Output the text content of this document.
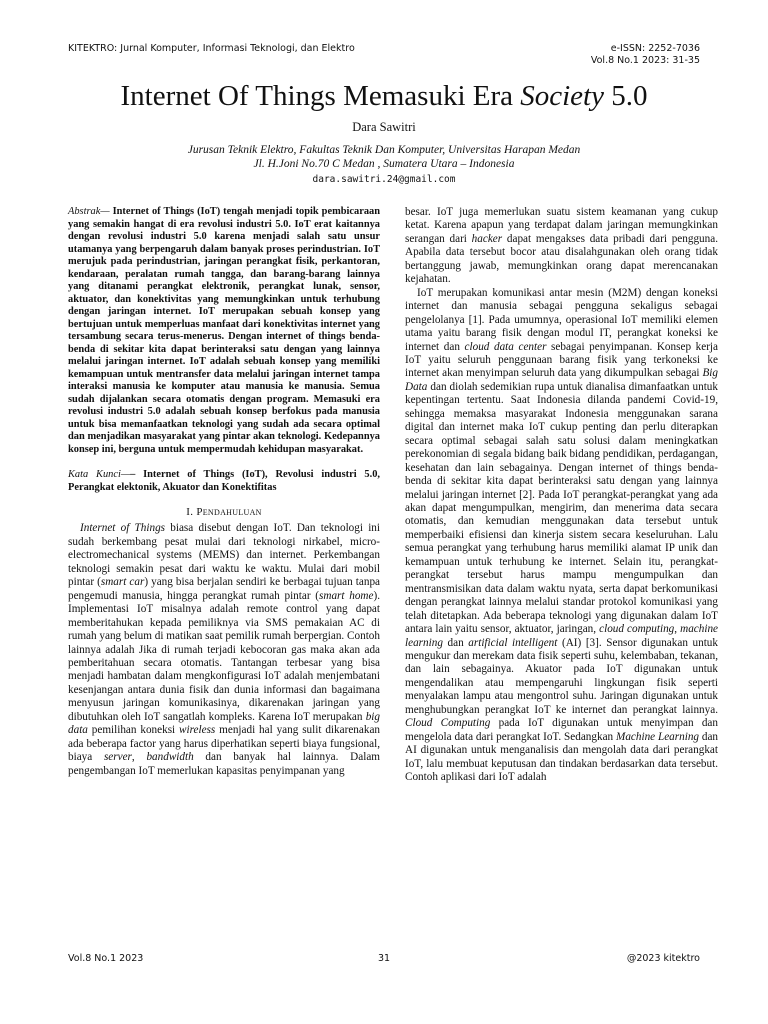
KITEKTRO: Jurnal Komputer, Informasi Teknologi, dan Elektro	e-ISSN: 2252-7036
Vol.8 No.1 2023: 31-35
Internet Of Things Memasuki Era Society 5.0
Dara Sawitri
Jurusan Teknik Elektro, Fakultas Teknik Dan Komputer, Universitas Harapan Medan
Jl. H.Joni No.70 C Medan , Sumatera Utara – Indonesia
dara.sawitri.24@gmail.com

Abstrak— Internet of Things (IoT) tengah menjadi topik pembicaraan yang semakin hangat di era revolusi industri 5.0. IoT erat kaitannya dengan revolusi industri 5.0 karena menjadi salah satu unsur utamanya yang berpengaruh dalam banyak proses perindustrian. IoT merujuk pada perindustrian, jaringan perangkat fisik, perkantoran, kendaraan, peralatan rumah tangga, dan barang-barang lainnya yang ditanami perangkat elektronik, perangkat lunak, sensor, aktuator, dan konektivitas yang memungkinkan untuk terhubung dengan jaringan internet. IoT merupakan sebuah konsep yang bertujuan untuk memperluas manfaat dari konektivitas internet yang tersambung secara terus-menerus. Dengan internet of things benda-benda di sekitar kita dapat berinteraksi satu dengan yang lainnya melalui jaringan internet. IoT adalah sebuah konsep yang memiliki kemampuan untuk mentransfer data melalui jaringan internet tampa interaksi manusia ke komputer atau manusia ke manusia. Semua sudah dijalankan secara otomatis dengan program. Memasuki era revolusi industri 5.0 adalah sebuah konsep berfokus pada manusia untuk bisa memanfaatkan teknologi yang sudah ada secara optimal dan menjadikan masyarakat yang pintar akan teknologi. Kedepannya konsep ini, berguna untuk mempermudah kehidupan masyarakat.

Kata Kunci—– Internet of Things (IoT), Revolusi industri 5.0, Perangkat elektonik, Akuator dan Konektifitas

I. Pendahuluan

Internet of Things biasa disebut dengan IoT. Dan teknologi ini sudah berkembang pesat mulai dari teknologi nirkabel, micro-electromechanical systems (MEMS) dan internet. Perkembangan teknologi semakin pesat dari waktu ke waktu. Mulai dari mobil pintar (smart car) yang bisa berjalan sendiri ke berbagai tujuan tanpa pengemudi manusia, hingga perangkat rumah pintar (smart home). Implementasi IoT misalnya adalah remote control yang dapat memberitahukan kepada pemiliknya via SMS pemakaian AC di rumah yang belum di matikan saat pemilik rumah berpergian. Contoh lainnya adalah Jika di rumah terjadi kebocoran gas maka akan ada pemberitahuan secara otomatis. Tantangan terbesar yang bisa menjadi hambatan dalam mengkonfigurasi IoT adalah menjembatani kesenjangan antara dunia fisik dan dunia informasi dan bagaimana menyusun jaringan komunikasinya, dikarenakan jaringan yang dibutuhkan oleh IoT sangatlah kompleks. Karena IoT merupakan big data pemilihan koneksi wireless menjadi hal yang sulit dikarenakan ada beberapa factor yang harus diperhatikan seperti biaya fungsional, biaya server, bandwidth dan banyak hal lainnya. Dalam pengembangan IoT memerlukan kapasitas penyimpanan yang

besar. IoT juga memerlukan suatu sistem keamanan yang cukup ketat. Karena apapun yang terdapat dalam jaringan memungkinkan serangan dari hacker dapat mengakses data pribadi dari pengguna. Apabila data tersebut bocor atau disalahgunakan oleh orang tidak bertanggung jawab, memungkinkan orang dapat merencanakan kejahatan.

IoT merupakan komunikasi antar mesin (M2M) dengan koneksi internet dan manusia sebagai pengguna sekaligus sebagai pengelolanya [1]. Pada umumnya, operasional IoT memiliki elemen utama yaitu barang fisik dengan modul IT, perangkat koneksi ke internet dan cloud data center sebagai penyimpanan. Konsep kerja IoT yaitu seluruh penggunaan barang fisik yang terkoneksi ke internet akan menyimpan seluruh data yang dikumpulkan sebagai Big Data dan diolah sedemikian rupa untuk dianalisa dimanfaatkan untuk kepentingan tertentu. Saat Indonesia dilanda pandemi Covid-19, sehingga memaksa masyarakat Indonesia menggunakan sarana digital dan internet maka IoT cukup penting dan perlu diterapkan secara optimal sebagai salah satu solusi dalam meningkatkan perekonomian di segala bidang baik bidang pendidikan, perdagangan, kesehatan dan lain sebagainya. Dengan internet of things benda-benda di sekitar kita dapat berinteraksi satu dengan yang lainnya melalui jaringan internet [2]. Pada IoT perangkat-perangkat yang ada akan dapat mengumpulkan, mengirim, dan menerima data secara otomatis, dan kemudian menggunakan data tersebut untuk memperbaiki efisiensi dan kinerja sistem secara keseluruhan. Lalu semua perangkat yang terhubung harus memiliki alamat IP unik dan kemampuan untuk terhubung ke internet. Selain itu, perangkat-perangkat tersebut harus mampu mengumpulkan dan mentransmisikan data dalam waktu nyata, serta dapat berkomunikasi dengan perangkat lainnya melalui standar protokol komunikasi yang telah ditetapkan. Ada beberapa teknologi yang digunakan dalam IoT antara lain yaitu sensor, aktuator, jaringan, cloud computing, machine learning dan artificial intelligent (AI) [3]. Sensor digunakan untuk mengukur dan merekam data fisik seperti suhu, kelembaban, tekanan, dan lain sebagainya. Akuator pada IoT digunakan untuk mengendalikan atau mempengaruhi lingkungan fisik seperti menyalakan lampu atau mengontrol suhu. Jaringan digunakan untuk menghubungkan perangkat IoT ke internet dan perangkat lainnya. Cloud Computing pada IoT digunakan untuk menyimpan dan mengelola data dari perangkat IoT. Sedangkan Machine Learning dan AI digunakan untuk menganalisis dan mengolah data dari perangkat IoT, lalu membuat keputusan dan tindakan berdasarkan data tersebut. Contoh aplikasi dari IoT adalah

Vol.8 No.1 2023	31	@2023 kitektro
